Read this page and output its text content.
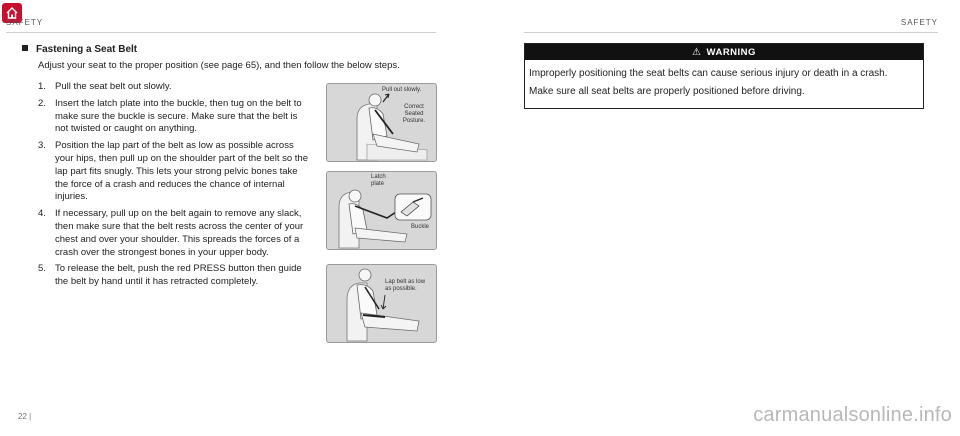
SAFETY	SAFETY
Fastening a Seat Belt
Adjust your seat to the proper position (see page 65), and then follow the below steps.
1. Pull the seat belt out slowly.
2. Insert the latch plate into the buckle, then tug on the belt to make sure the buckle is secure. Make sure that the belt is not twisted or caught on anything.
3. Position the lap part of the belt as low as possible across your hips, then pull up on the shoulder part of the belt so the lap part fits snugly. This lets your strong pelvic bones take the force of a crash and reduces the chance of internal injuries.
4. If necessary, pull up on the belt again to remove any slack, then make sure that the belt rests across the center of your chest and over your shoulder. This spreads the forces of a crash over the strongest bones in your upper body.
5. To release the belt, push the red PRESS button then guide the belt by hand until it has retracted completely.
Pull out slowly.
Correct Seated Posture.
Latch plate
Buckle
Lap belt as low as possible.
⚠ WARNING
Improperly positioning the seat belts can cause serious injury or death in a crash.
Make sure all seat belts are properly positioned before driving.
22 |	carmanualsonline.info
